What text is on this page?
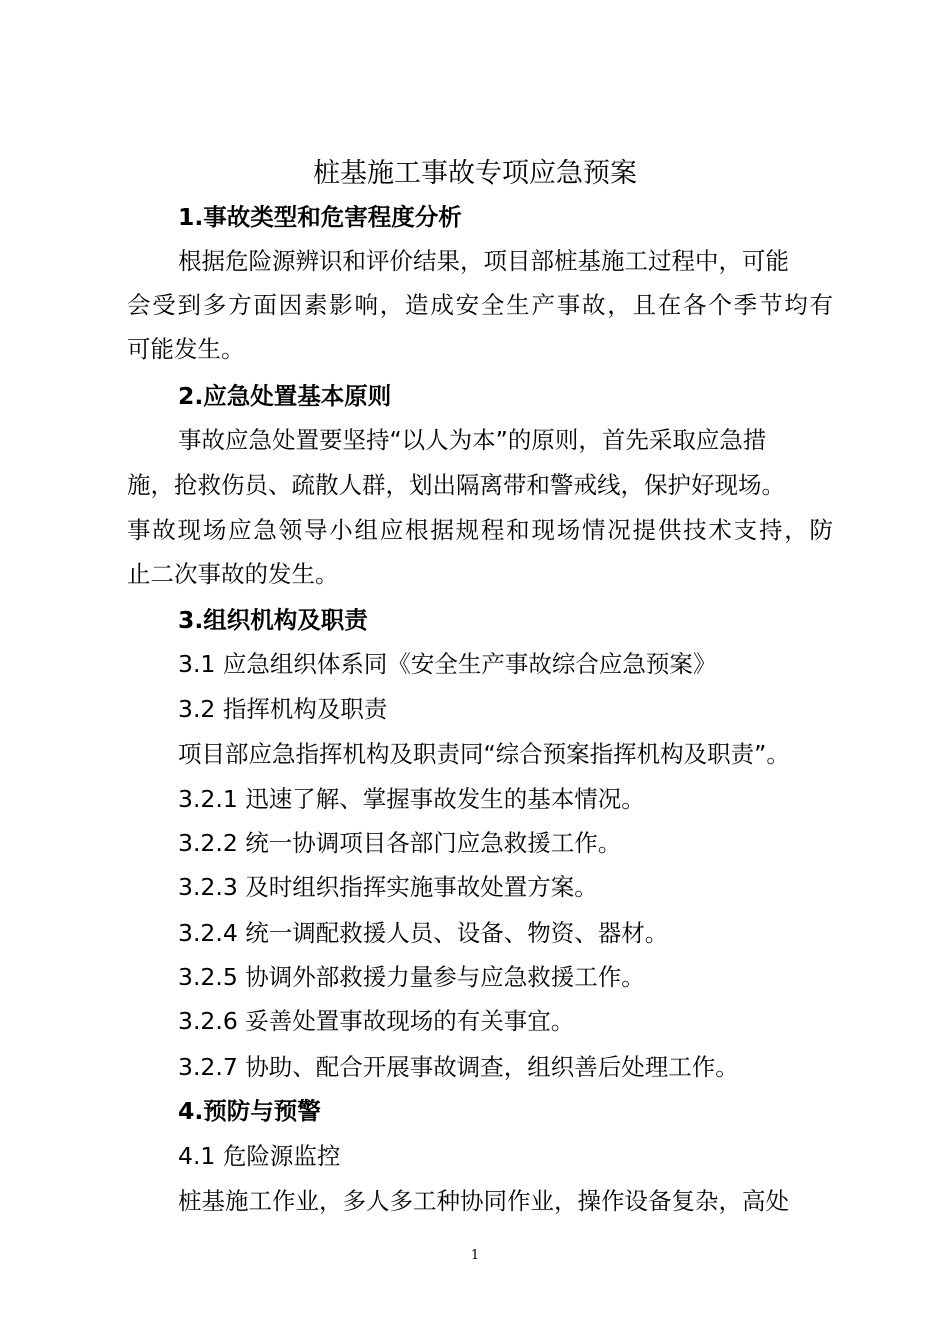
桩基施工事故专项应急预案
1.事故类型和危害程度分析
根据危险源辨识和评价结果，项目部桩基施工过程中，可能
会受到多方面因素影响，造成安全生产事故，且在各个季节均有
可能发生。
2.应急处置基本原则
事故应急处置要坚持“以人为本”的原则，首先采取应急措
施，抢救伤员、疏散人群，划出隔离带和警戒线，保护好现场。
事故现场应急领导小组应根据规程和现场情况提供技术支持，防
止二次事故的发生。
3.组织机构及职责
3.1 应急组织体系同《安全生产事故综合应急预案》
3.2 指挥机构及职责
项目部应急指挥机构及职责同“综合预案指挥机构及职责”。
3.2.1 迅速了解、掌握事故发生的基本情况。
3.2.2 统一协调项目各部门应急救援工作。
3.2.3 及时组织指挥实施事故处置方案。
3.2.4 统一调配救援人员、设备、物资、器材。
3.2.5 协调外部救援力量参与应急救援工作。
3.2.6 妥善处置事故现场的有关事宜。
3.2.7 协助、配合开展事故调查，组织善后处理工作。
4.预防与预警
4.1 危险源监控
桩基施工作业，多人多工种协同作业，操作设备复杂，高处
1
